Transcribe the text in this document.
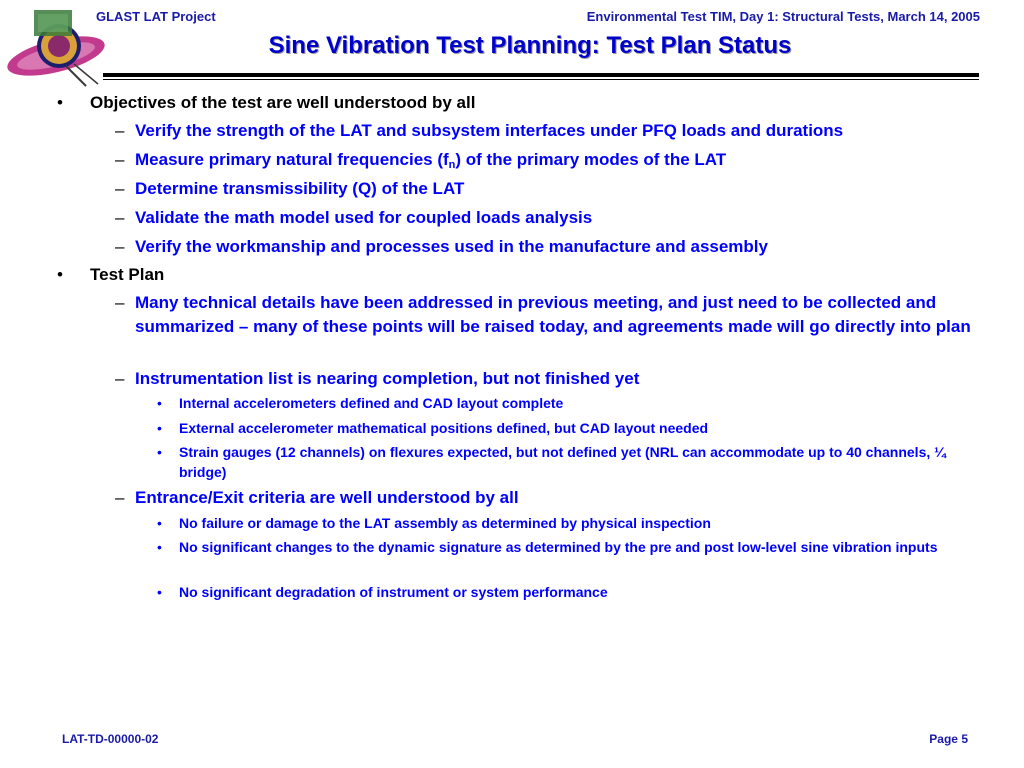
GLAST LAT Project	Environmental Test TIM, Day 1: Structural Tests, March 14, 2005
Sine Vibration Test Planning: Test Plan Status
• Objectives of the test are well understood by all
– Verify the strength of the LAT and subsystem interfaces under PFQ loads and durations
– Measure primary natural frequencies $(f_n)$ of the primary modes of the LAT
– Determine transmissibility (Q) of the LAT
– Validate the math model used for coupled loads analysis
– Verify the workmanship and processes used in the manufacture and assembly
• Test Plan
– Many technical details have been addressed in previous meeting, and just need to be collected and summarized – many of these points will be raised today, and agreements made will go directly into plan
– Instrumentation list is nearing completion, but not finished yet
• Internal accelerometers defined and CAD layout complete
• External accelerometer mathematical positions defined, but CAD layout needed
• Strain gauges (12 channels) on flexures expected, but not defined yet (NRL can accommodate up to 40 channels, ¼ bridge)
– Entrance/Exit criteria are well understood by all
• No failure or damage to the LAT assembly as determined by physical inspection
• No significant changes to the dynamic signature as determined by the pre and post low-level sine vibration inputs
• No significant degradation of instrument or system performance
LAT-TD-00000-02	Page 5
